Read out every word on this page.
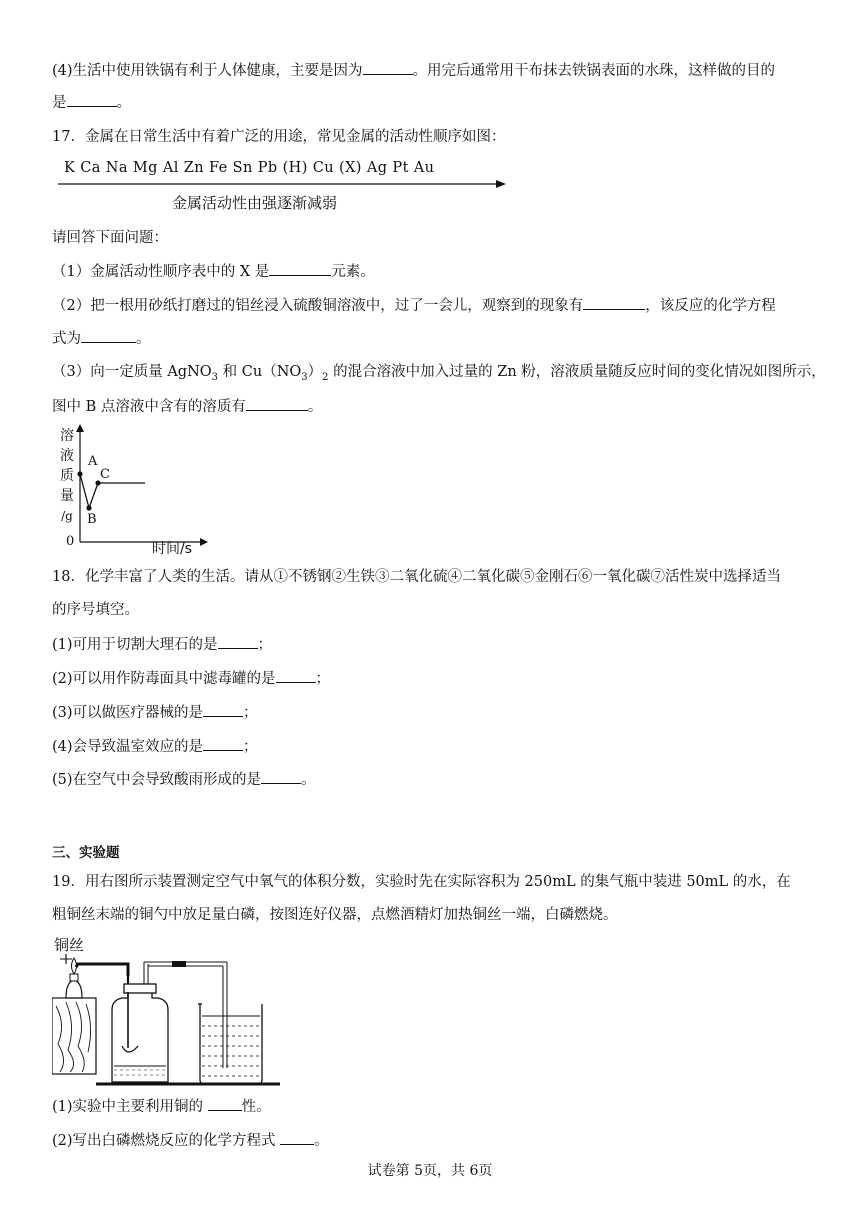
(4)生活中使用铁锅有利于人体健康，主要是因为	。用完后通常用干布抹去铁锅表面的水珠，这样做的目的
是	。
17．金属在日常生活中有着广泛的用途，常见金属的活动性顺序如图：
K Ca Na Mg Al Zn Fe Sn Pb (H) Cu (X) Ag Pt Au
金属活动性由强逐渐减弱
请回答下面问题：
（1）金属活动性顺序表中的 X 是	元素。
（2）把一根用砂纸打磨过的铝丝浸入硫酸铜溶液中，过了一会儿，观察到的现象有	，该反应的化学方程
式为	。
（3）向一定质量 AgNO$_3$ 和 $Cu(NO_3)_2$ 的混合溶液中加入过量的 Zn 粉，溶液质量随反应时间的变化情况如图所示，
图中 B 点溶液中含有的溶质有	。
溶
液
质
量
/g
A
B
C
0	时间/s
18．化学丰富了人类的生活。请从①不锈钢②生铁③二氧化硫④二氧化碳⑤金刚石⑥一氧化碳⑦活性炭中选择适当
的序号填空。
(1)可用于切割大理石的是	；
(2)可以用作防毒面具中滤毒罐的是	；
(3)可以做医疗器械的是	；
(4)会导致温室效应的是	；
(5)在空气中会导致酸雨形成的是	。
三、实验题
19．用右图所示装置测定空气中氧气的体积分数，实验时先在实际容积为 250mL 的集气瓶中装进 50mL 的水，在
粗铜丝末端的铜勺中放足量白磷，按图连好仪器，点燃酒精灯加热铜丝一端，白磷燃烧。
铜丝
(1)实验中主要利用铜的 性。
(2)写出白磷燃烧反应的化学方程式 。
试卷第 5页，共 6页
